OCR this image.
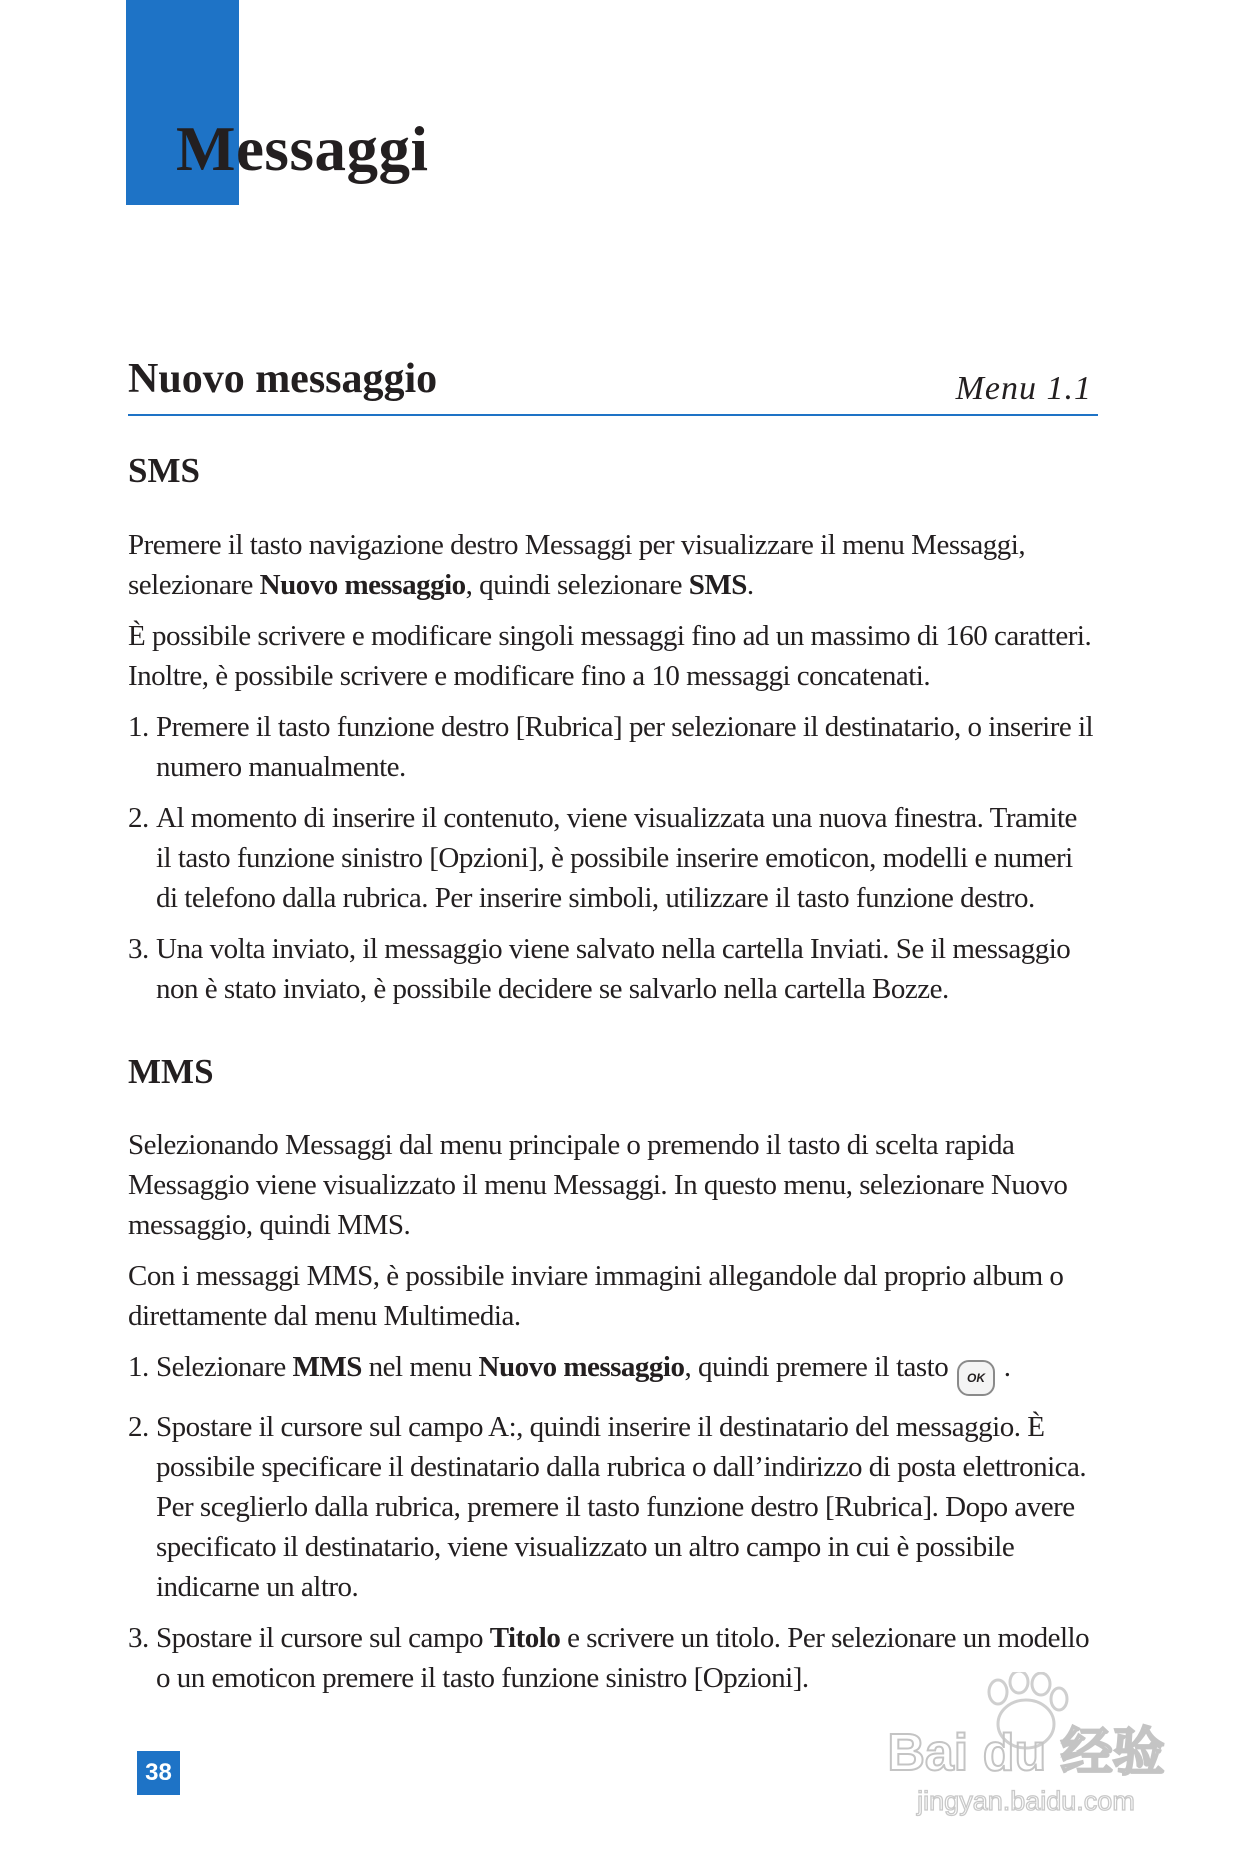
Messaggi
Nuovo messaggio	Menu 1.1
SMS

Premere il tasto navigazione destro Messaggi per visualizzare il menu Messaggi, selezionare Nuovo messaggio, quindi selezionare SMS.

È possibile scrivere e modificare singoli messaggi fino ad un massimo di 160 caratteri. Inoltre, è possibile scrivere e modificare fino a 10 messaggi concatenati.

1. Premere il tasto funzione destro [Rubrica] per selezionare il destinatario, o inserire il numero manualmente.
2. Al momento di inserire il contenuto, viene visualizzata una nuova finestra. Tramite il tasto funzione sinistro [Opzioni], è possibile inserire emoticon, modelli e numeri di telefono dalla rubrica. Per inserire simboli, utilizzare il tasto funzione destro.
3. Una volta inviato, il messaggio viene salvato nella cartella Inviati. Se il messaggio non è stato inviato, è possibile decidere se salvarlo nella cartella Bozze.
MMS

Selezionando Messaggi dal menu principale o premendo il tasto di scelta rapida Messaggio viene visualizzato il menu Messaggi. In questo menu, selezionare Nuovo messaggio, quindi MMS.

Con i messaggi MMS, è possibile inviare immagini allegandole dal proprio album o direttamente dal menu Multimedia.

1. Selezionare MMS nel menu Nuovo messaggio, quindi premere il tasto OK .
2. Spostare il cursore sul campo A:, quindi inserire il destinatario del messaggio. È possibile specificare il destinatario dalla rubrica o dall’indirizzo di posta elettronica. Per sceglierlo dalla rubrica, premere il tasto funzione destro [Rubrica]. Dopo avere specificato il destinatario, viene visualizzato un altro campo in cui è possibile indicarne un altro.
3. Spostare il cursore sul campo Titolo e scrivere un titolo. Per selezionare un modello o un emoticon premere il tasto funzione sinistro [Opzioni].
38	Bai du 经验
jingyan.baidu.com
